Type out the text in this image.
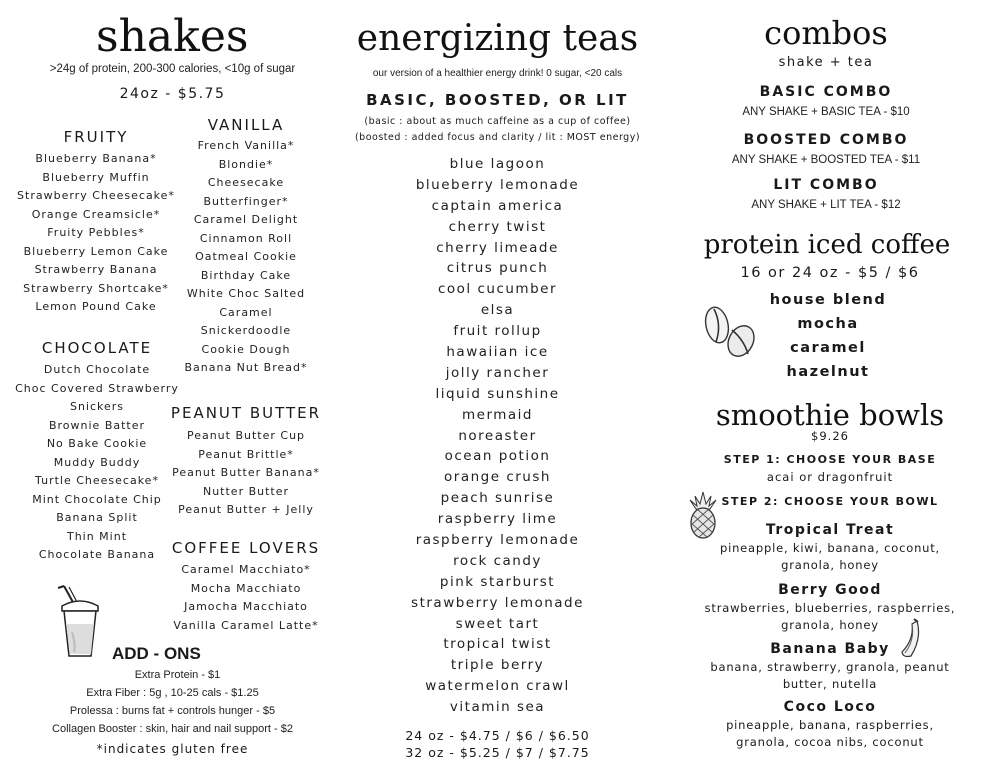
shakes
>24g of protein, 200-300 calories, <10g of sugar
24oz - $5.75
FRUITY
Blueberry Banana*
Blueberry Muffin
Strawberry Cheesecake*
Orange Creamsicle*
Fruity Pebbles*
Blueberry Lemon Cake
Strawberry Banana
Strawberry Shortcake*
Lemon Pound Cake
VANILLA
French Vanilla*
Blondie*
Cheesecake
Butterfinger*
Caramel Delight
Cinnamon Roll
Oatmeal Cookie
Birthday Cake
White Choc Salted
Caramel
Snickerdoodle
Cookie Dough
Banana Nut Bread*
CHOCOLATE
Dutch Chocolate
Choc Covered Strawberry
Snickers
Brownie Batter
No Bake Cookie
Muddy Buddy
Turtle Cheesecake*
Mint Chocolate Chip
Banana Split
Thin Mint
Chocolate Banana
PEANUT BUTTER
Peanut Butter Cup
Peanut Brittle*
Peanut Butter Banana*
Nutter Butter
Peanut Butter + Jelly
COFFEE LOVERS
Caramel Macchiato*
Mocha Macchiato
Jamocha Macchiato
Vanilla Caramel Latte*
ADD - ONS
Extra Protein - $1
Extra Fiber : 5g , 10-25 cals - $1.25
Prolessa : burns fat + controls hunger - $5
Collagen Booster : skin, hair and nail support - $2
*indicates gluten free
energizing teas
our version of a healthier energy drink! 0 sugar, <20 cals
BASIC, BOOSTED, OR LIT
(basic : about as much caffeine as a cup of coffee)
(boosted : added focus and clarity / lit : MOST energy)
blue lagoon
blueberry lemonade
captain america
cherry twist
cherry limeade
citrus punch
cool cucumber
elsa
fruit rollup
hawaiian ice
jolly rancher
liquid sunshine
mermaid
noreaster
ocean potion
orange crush
peach sunrise
raspberry lime
raspberry lemonade
rock candy
pink starburst
strawberry lemonade
sweet tart
tropical twist
triple berry
watermelon crawl
vitamin sea
24 oz - $4.75 / $6 / $6.50
32 oz - $5.25 / $7 / $7.75
combos
shake + tea
BASIC COMBO
ANY SHAKE + BASIC TEA - $10
BOOSTED COMBO
ANY SHAKE + BOOSTED TEA - $11
LIT COMBO
ANY SHAKE + LIT TEA - $12
protein iced coffee
16 or 24 oz - $5 / $6
house blend
mocha
caramel
hazelnut
smoothie bowls
$9.26
STEP 1: CHOOSE YOUR BASE
acai or dragonfruit
STEP 2: CHOOSE YOUR BOWL
Tropical Treat
pineapple, kiwi, banana, coconut,
granola, honey
Berry Good
strawberries, blueberries, raspberries,
granola, honey
Banana Baby
banana, strawberry, granola, peanut
butter, nutella
Coco Loco
pineapple, banana, raspberries,
granola, cocoa nibs, coconut
